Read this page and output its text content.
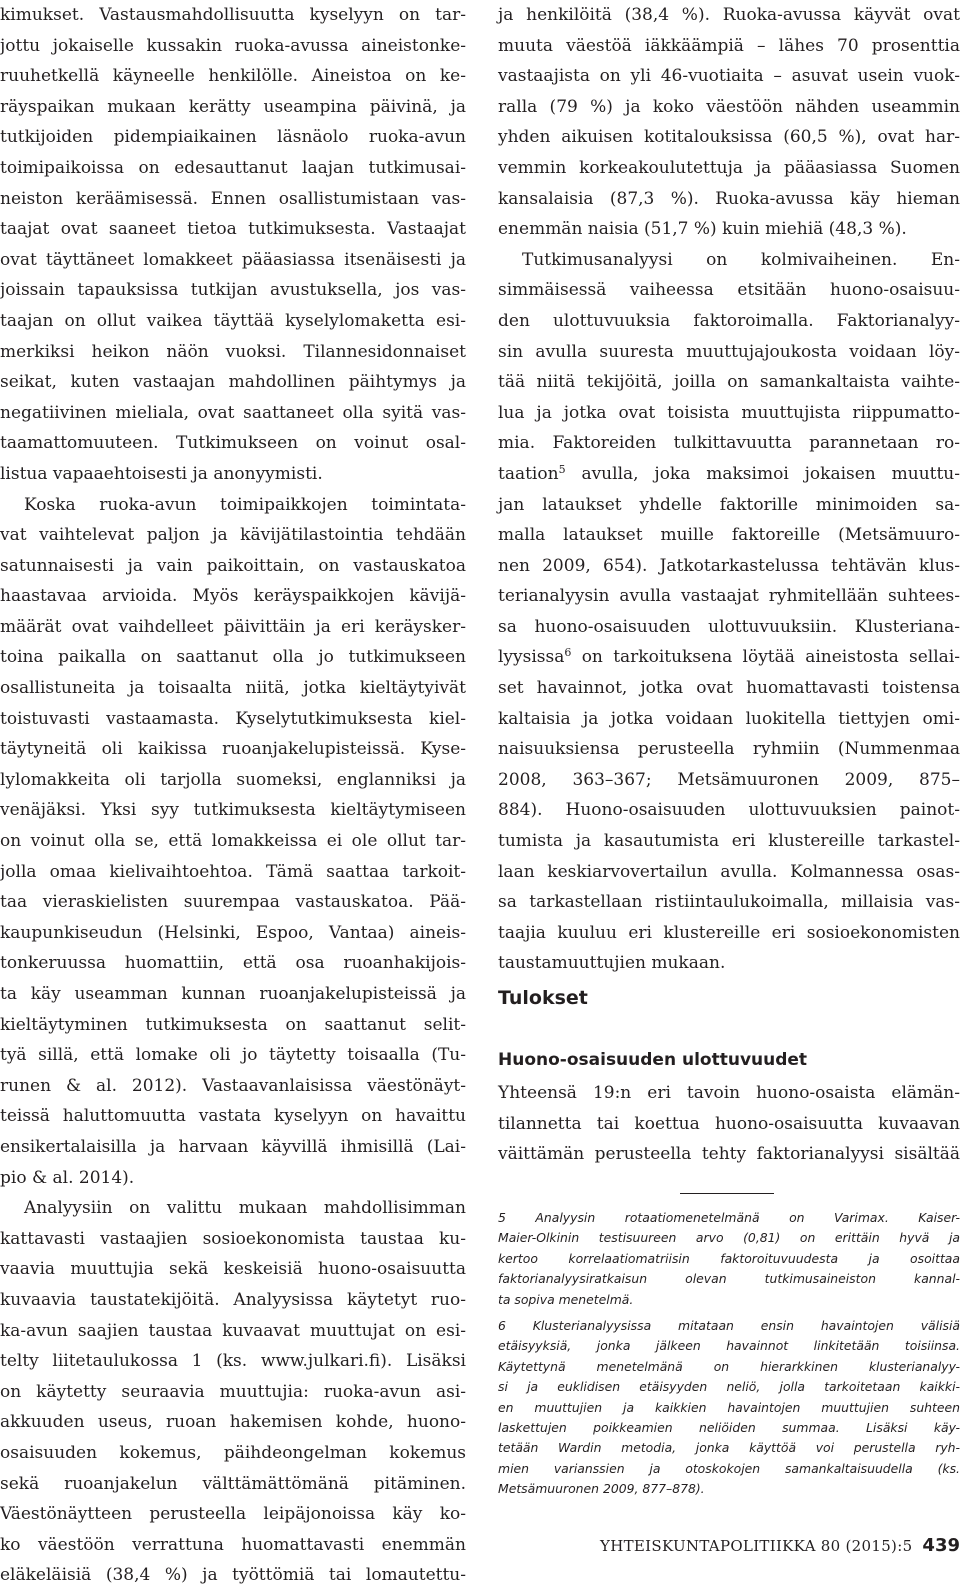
kimukset. Vastausmahdollisuutta kyselyyn on tar-
jottu jokaiselle kussakin ruoka-avussa aineistonke-
ruuhetkellä käyneelle henkilölle. Aineistoa on ke-
räyspaikan mukaan kerätty useampina päivinä, ja
tutkijoiden pidempiaikainen läsnäolo ruoka-avun
toimipaikoissa on edesauttanut laajan tutkimusai-
neiston keräämisessä. Ennen osallistumistaan vas-
taajat ovat saaneet tietoa tutkimuksesta. Vastaajat
ovat täyttäneet lomakkeet pääasiassa itsenäisesti ja
joissain tapauksissa tutkijan avustuksella, jos vas-
taajan on ollut vaikea täyttää kyselylomaketta esi-
merkiksi heikon näön vuoksi. Tilannesidonnaiset
seikat, kuten vastaajan mahdollinen päihtymys ja
negatiivinen mieliala, ovat saattaneet olla syitä vas-
taamattomuuteen. Tutkimukseen on voinut osal-
listua vapaaehtoisesti ja anonyymisti.
Koska ruoka-avun toimipaikkojen toimintata-
vat vaihtelevat paljon ja kävijätilastointia tehdään
satunnaisesti ja vain paikoittain, on vastauskatoa
haastavaa arvioida. Myös keräyspaikkojen kävijä-
määrät ovat vaihdelleet päivittäin ja eri keräysker-
toina paikalla on saattanut olla jo tutkimukseen
osallistuneita ja toisaalta niitä, jotka kieltäytyivät
toistuvasti vastaamasta. Kyselytutkimuksesta kiel-
täytyneitä oli kaikissa ruoanjakelupisteissä. Kyse-
lylomakkeita oli tarjolla suomeksi, englanniksi ja
venäjäksi. Yksi syy tutkimuksesta kieltäytymiseen
on voinut olla se, että lomakkeissa ei ole ollut tar-
jolla omaa kielivaihtoehtoa. Tämä saattaa tarkoit-
taa vieraskielisten suurempaa vastauskatoa. Pää-
kaupunkiseudun (Helsinki, Espoo, Vantaa) aineis-
tonkeruussa huomattiin, että osa ruoanhakijois-
ta käy useamman kunnan ruoanjakelupisteissä ja
kieltäytyminen tutkimuksesta on saattanut selit-
tyä sillä, että lomake oli jo täytetty toisaalla (Tu-
runen & al. 2012). Vastaavanlaisissa väestönäyt-
teissä haluttomuutta vastata kyselyyn on havaittu
ensikertalaisilla ja harvaan käyvillä ihmisillä (Lai-
pio & al. 2014).
Analyysiin on valittu mukaan mahdollisimman
kattavasti vastaajien sosioekonomista taustaa ku-
vaavia muuttujia sekä keskeisiä huono-osaisuutta
kuvaavia taustatekijöitä. Analyysissa käytetyt ruo-
ka-avun saajien taustaa kuvaavat muuttujat on esi-
telty liitetaulukossa 1 (ks. www.julkari.fi). Lisäksi
on käytetty seuraavia muuttujia: ruoka-avun asi-
akkuuden useus, ruoan hakemisen kohde, huono-
osaisuuden kokemus, päihdeongelman kokemus
sekä ruoanjakelun välttämättömänä pitäminen.
Väestönäytteen perusteella leipäjonoissa käy ko-
ko väestöön verrattuna huomattavasti enemmän
eläkeläisiä (38,4 %) ja työttömiä tai lomautettu-
ja henkilöitä (38,4 %). Ruoka-avussa käyvät ovat
muuta väestöä iäkkäämpiä – lähes 70 prosenttia
vastaajista on yli 46-vuotiaita – asuvat usein vuok-
ralla (79 %) ja koko väestöön nähden useammin
yhden aikuisen kotitalouksissa (60,5 %), ovat har-
vemmin korkeakoulutettuja ja pääasiassa Suomen
kansalaisia (87,3 %). Ruoka-avussa käy hieman
enemmän naisia (51,7 %) kuin miehiä (48,3 %).
Tutkimusanalyysi on kolmivaiheinen. En-
simmäisessä vaiheessa etsitään huono-osaisuu-
den ulottuvuuksia faktoroimalla. Faktorianalyy-
sin avulla suuresta muuttujajoukosta voidaan löy-
tää niitä tekijöitä, joilla on samankaltaista vaihte-
lua ja jotka ovat toisista muuttujista riippumatto-
mia. Faktoreiden tulkittavuutta parannetaan ro-
taation$^5$ avulla, joka maksimoi jokaisen muuttu-
jan lataukset yhdelle faktorille minimoiden sa-
malla lataukset muille faktoreille (Metsämuuro-
nen 2009, 654). Jatkotarkastelussa tehtävän klus-
terianalyysin avulla vastaajat ryhmitellään suhtees-
sa huono-osaisuuden ulottuvuuksiin. Klusteriana-
lyysissa$^6$ on tarkoituksena löytää aineistosta sellai-
set havainnot, jotka ovat huomattavasti toistensa
kaltaisia ja jotka voidaan luokitella tiettyjen omi-
naisuuksiensa perusteella ryhmiin (Nummenmaa
2008, 363–367; Metsämuuronen 2009, 875–
884). Huono-osaisuuden ulottuvuuksien painot-
tumista ja kasautumista eri klustereille tarkastel-
laan keskiarvovertailun avulla. Kolmannessa osas-
sa tarkastellaan ristiintaulukoimalla, millaisia vas-
taajia kuuluu eri klustereille eri sosioekonomisten
taustamuuttujien mukaan.
Tulokset
Huono-osaisuuden ulottuvuudet
Yhteensä 19:n eri tavoin huono-osaista elämän-
tilannetta tai koettua huono-osaisuutta kuvaavan
väittämän perusteella tehty faktorianalyysi sisältää
5 Analyysin rotaatiomenetelmänä on Varimax. Kaiser-
Maier-Olkinin testisuureen arvo (0,81) on erittäin hyvä ja
kertoo korrelaatiomatriisin faktoroituvuudesta ja osoittaa
faktorianalyysiratkaisun olevan tutkimusaineiston kannal-
ta sopiva menetelmä.
6 Klusterianalyysissa mitataan ensin havaintojen välisiä
etäisyyksiä, jonka jälkeen havainnot linkitetään toisiinsa.
Käytettynä menetelmänä on hierarkkinen klusterianalyy-
si ja euklidisen etäisyyden neliö, jolla tarkoitetaan kaikki-
en muuttujien ja kaikkien havaintojen muuttujien suhteen
laskettujen poikkeamien neliöiden summaa. Lisäksi käy-
tetään Wardin metodia, jonka käyttöä voi perustella ryh-
mien varianssien ja otoskokojen samankaltaisuudella (ks.
Metsämuuronen 2009, 877–878).
YHTEISKUNTAPOLITIIKKA 80 (2015):5 439
